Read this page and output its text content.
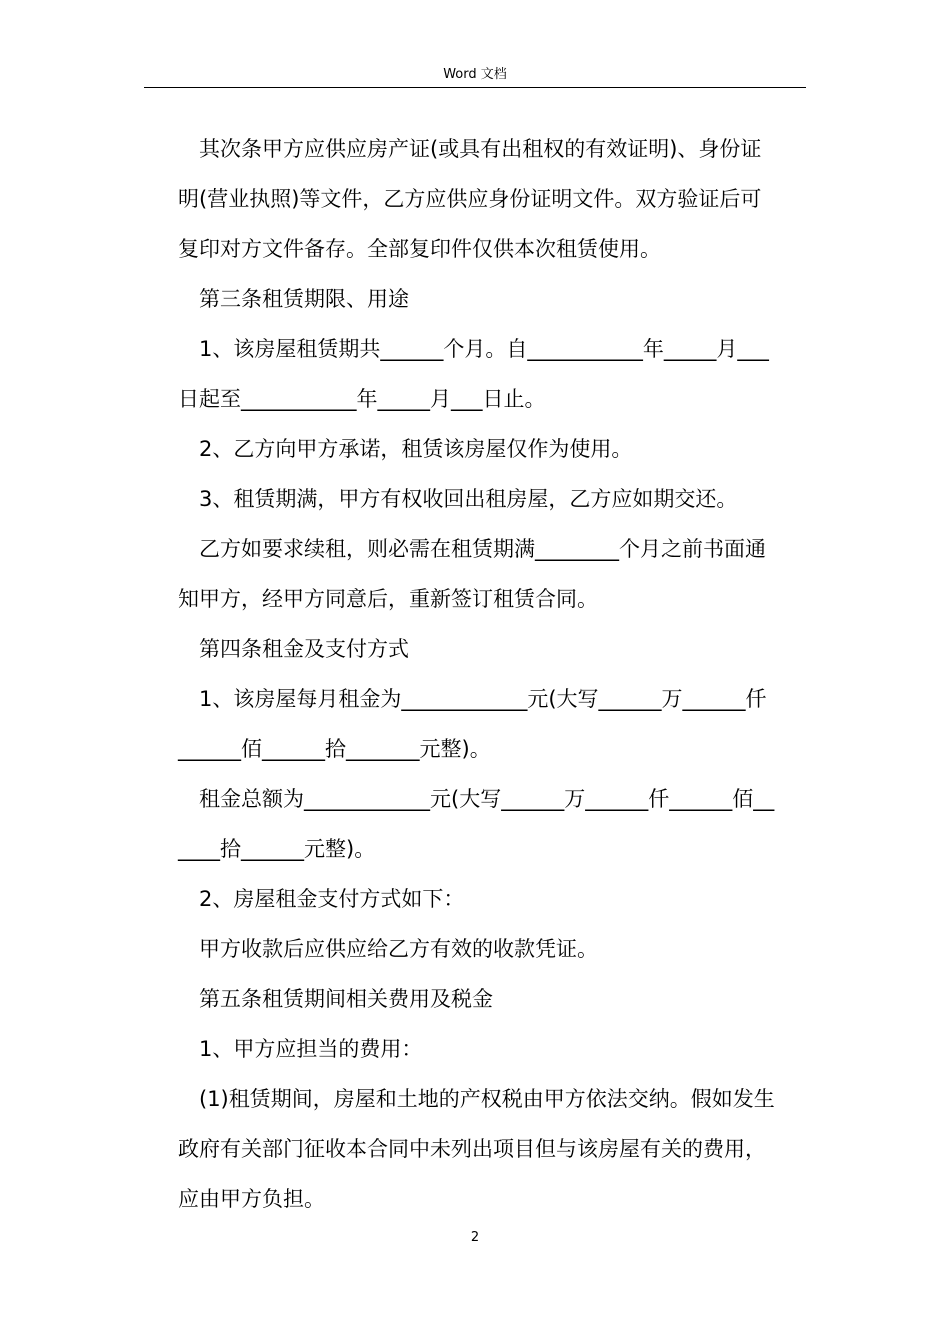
Word 文档

其次条甲方应供应房产证(或具有出租权的有效证明)、身份证

明(营业执照)等文件，乙方应供应身份证明文件。双方验证后可

复印对方文件备存。全部复印件仅供本次租赁使用。

第三条租赁期限、用途

1、该房屋租赁期共______个月。自___________年_____月___

日起至___________年_____月___日止。

2、乙方向甲方承诺，租赁该房屋仅作为使用。

3、租赁期满，甲方有权收回出租房屋，乙方应如期交还。

乙方如要求续租，则必需在租赁期满________个月之前书面通

知甲方，经甲方同意后，重新签订租赁合同。

第四条租金及支付方式

1、该房屋每月租金为____________元(大写______万______仟

______佰______拾_______元整)。

租金总额为____________元(大写______万______仟______佰__

____拾______元整)。

2、房屋租金支付方式如下：

甲方收款后应供应给乙方有效的收款凭证。

第五条租赁期间相关费用及税金

1、甲方应担当的费用：

(1)租赁期间，房屋和土地的产权税由甲方依法交纳。假如发生

政府有关部门征收本合同中未列出项目但与该房屋有关的费用，

应由甲方负担。

2
